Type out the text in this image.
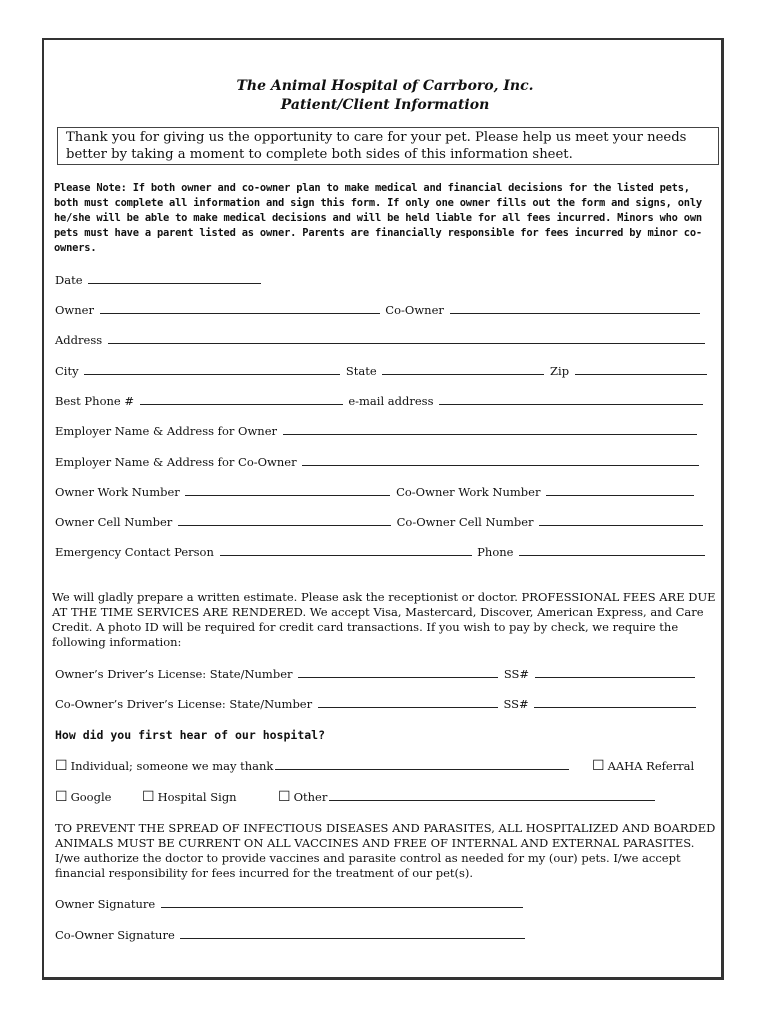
The Animal Hospital of Carrboro, Inc.
Patient/Client Information
Thank you for giving us the opportunity to care for your pet. Please help us meet your needs better by taking a moment to complete both sides of this information sheet.
Please Note: If both owner and co-owner plan to make medical and financial decisions for the listed pets, both must complete all information and sign this form. If only one owner fills out the form and signs, only he/she will be able to make medical decisions and will be held liable for all fees incurred. Minors who own pets must have a parent listed as owner. Parents are financially responsible for fees incurred by minor co-owners.
Date
Owner	Co-Owner
Address
City	State	Zip
Best Phone #	e-mail address
Employer Name & Address for Owner
Employer Name & Address for Co-Owner
Owner Work Number	Co-Owner Work Number
Owner Cell Number	Co-Owner Cell Number
Emergency Contact Person	Phone
We will gladly prepare a written estimate. Please ask the receptionist or doctor. PROFESSIONAL FEES ARE DUE AT THE TIME SERVICES ARE RENDERED. We accept Visa, Mastercard, Discover, American Express, and Care Credit. A photo ID will be required for credit card transactions. If you wish to pay by check, we require the following information:
Owner’s Driver’s License: State/Number	SS#
Co-Owner’s Driver’s License: State/Number	SS#
How did you first hear of our hospital?
☐ Individual; someone we may thank	☐ AAHA Referral
☐ Google ☐ Hospital Sign	☐ Other
TO PREVENT THE SPREAD OF INFECTIOUS DISEASES AND PARASITES, ALL HOSPITALIZED AND BOARDED ANIMALS MUST BE CURRENT ON ALL VACCINES AND FREE OF INTERNAL AND EXTERNAL PARASITES. I/we authorize the doctor to provide vaccines and parasite control as needed for my (our) pets. I/we accept financial responsibility for fees incurred for the treatment of our pet(s).
Owner Signature
Co-Owner Signature
